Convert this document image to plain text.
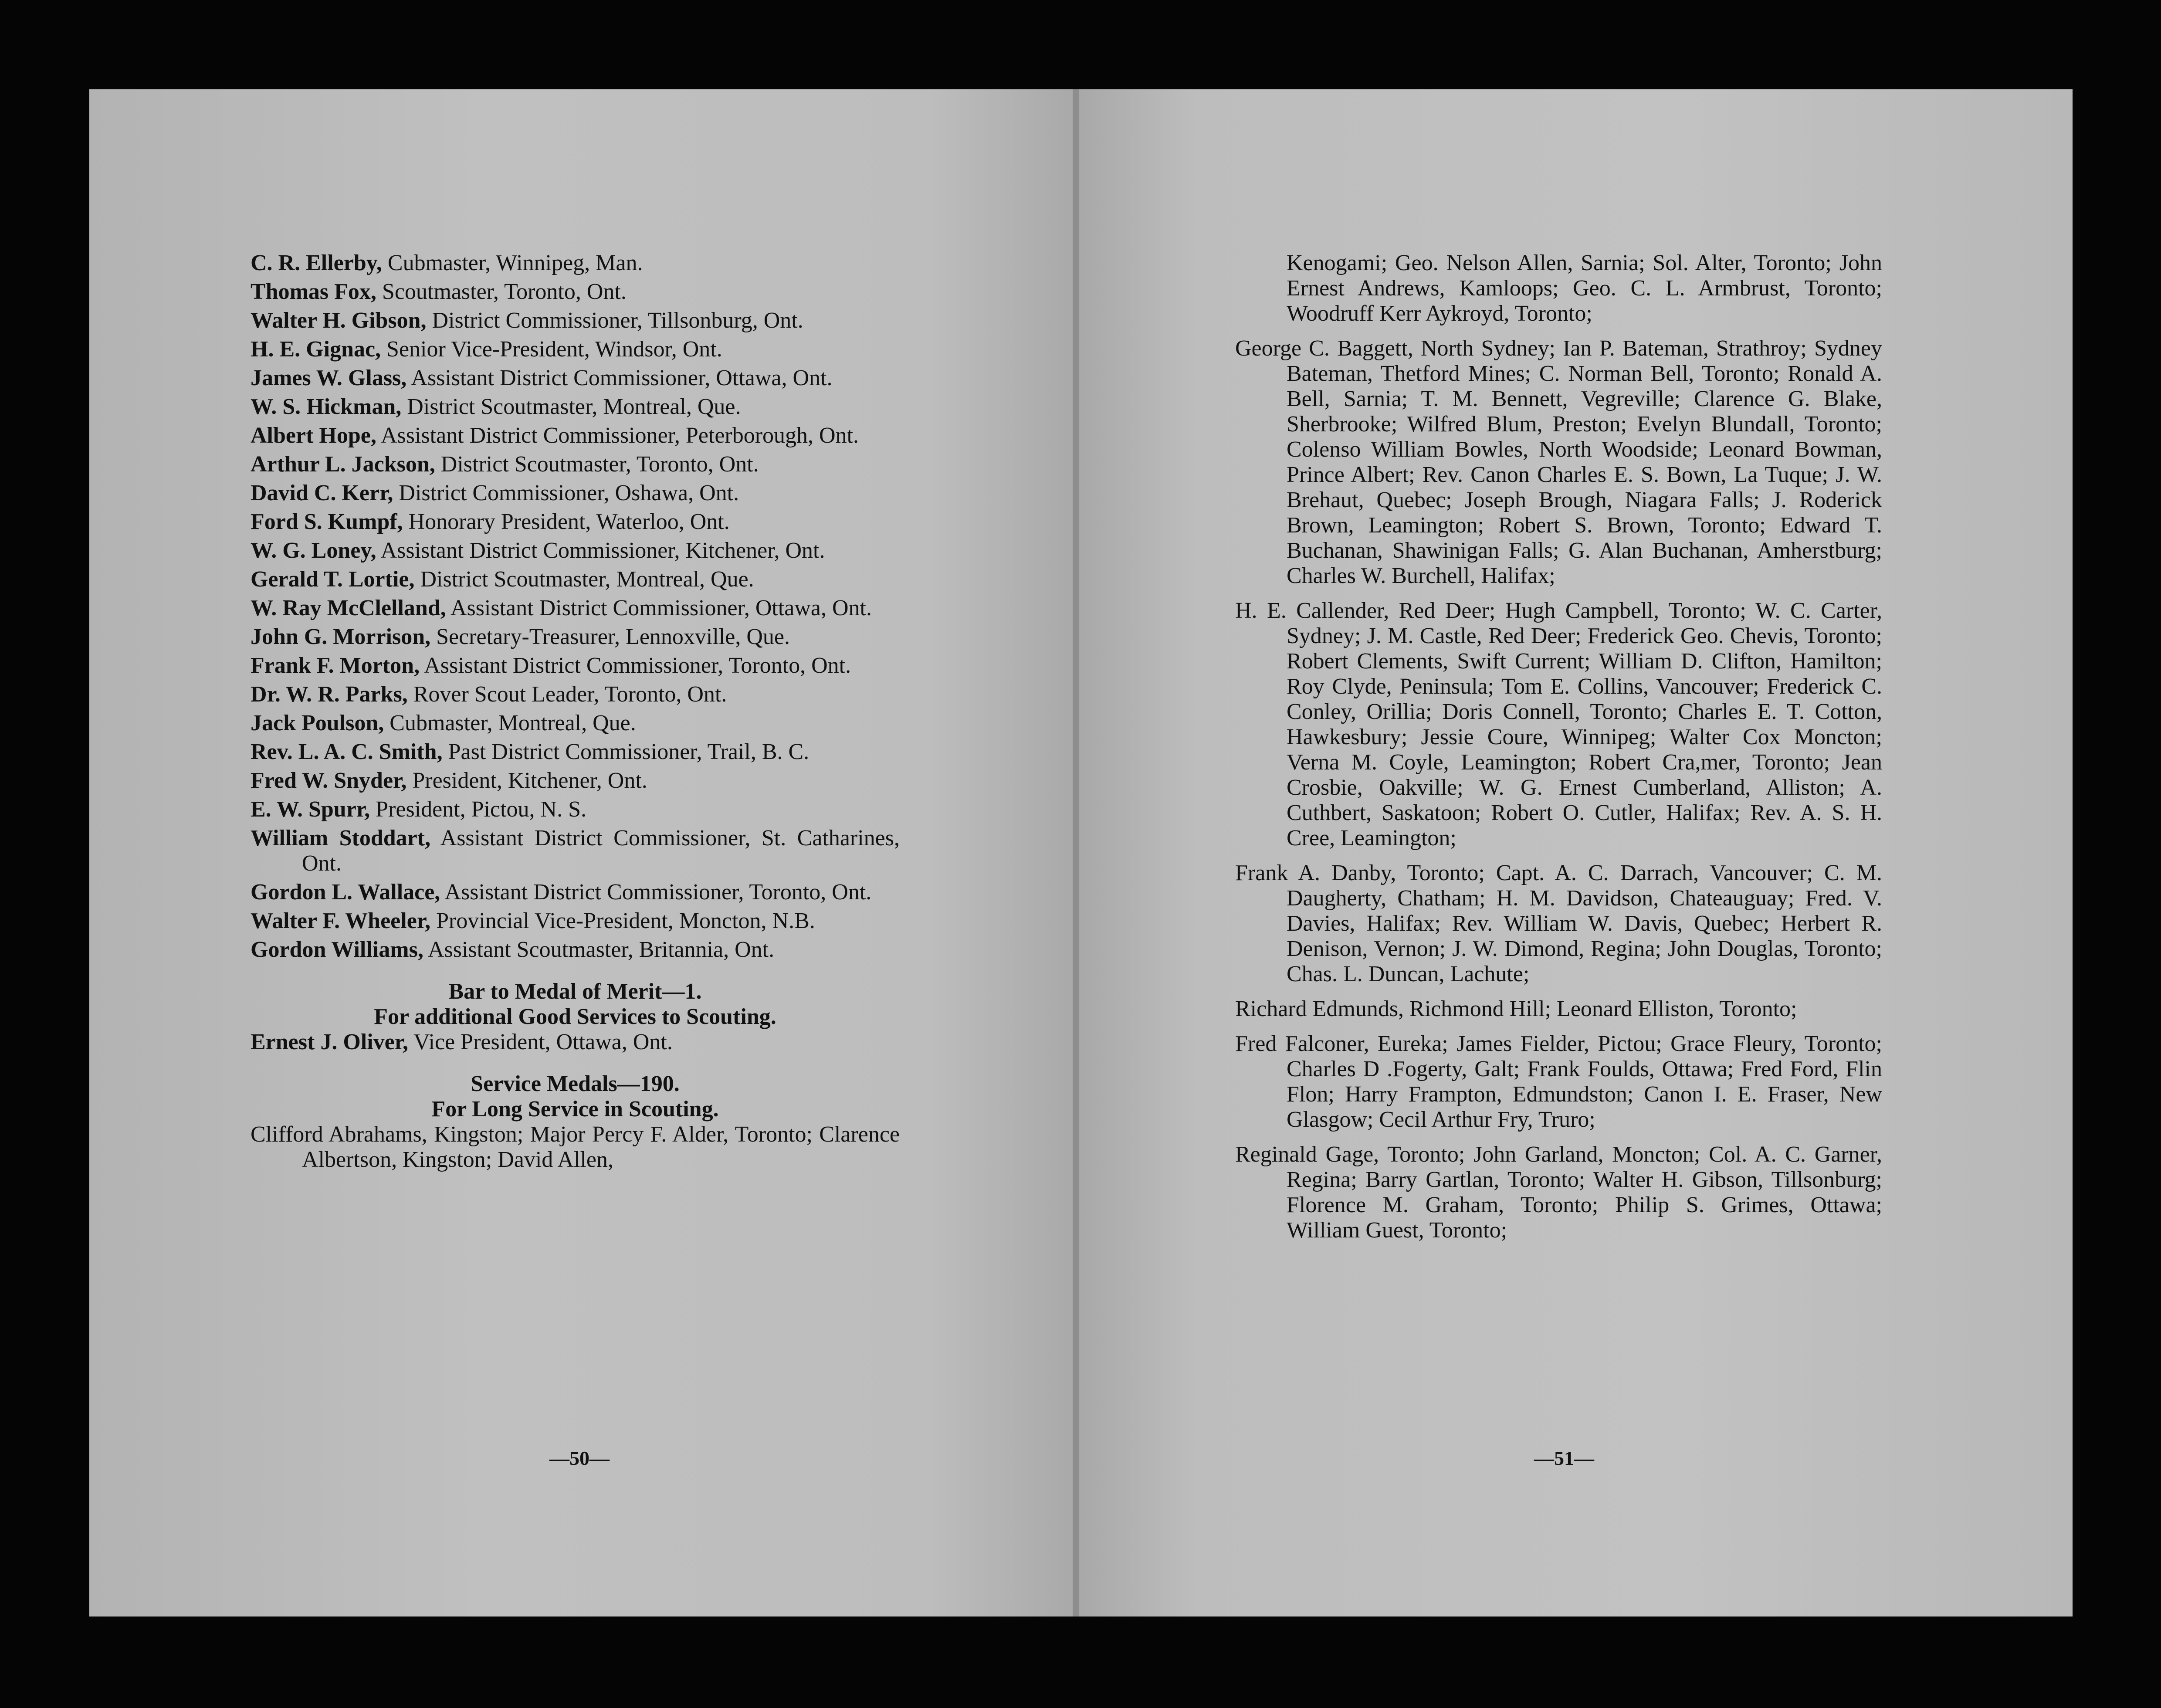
C. R. Ellerby, Cubmaster, Winnipeg, Man.

Thomas Fox, Scoutmaster, Toronto, Ont.

Walter H. Gibson, District Commissioner, Tillsonburg, Ont.

H. E. Gignac, Senior Vice-President, Windsor, Ont.

James W. Glass, Assistant District Commissioner, Ottawa, Ont.

W. S. Hickman, District Scoutmaster, Montreal, Que.

Albert Hope, Assistant District Commissioner, Peterborough, Ont.

Arthur L. Jackson, District Scoutmaster, Toronto, Ont.

David C. Kerr, District Commissioner, Oshawa, Ont.

Ford S. Kumpf, Honorary President, Waterloo, Ont.

W. G. Loney, Assistant District Commissioner, Kitchener, Ont.

Gerald T. Lortie, District Scoutmaster, Montreal, Que.

W. Ray McClelland, Assistant District Commissioner, Ottawa, Ont.

John G. Morrison, Secretary-Treasurer, Lennoxville, Que.

Frank F. Morton, Assistant District Commissioner, Toronto, Ont.

Dr. W. R. Parks, Rover Scout Leader, Toronto, Ont.

Jack Poulson, Cubmaster, Montreal, Que.

Rev. L. A. C. Smith, Past District Commissioner, Trail, B. C.

Fred W. Snyder, President, Kitchener, Ont.

E. W. Spurr, President, Pictou, N. S.

William Stoddart, Assistant District Commissioner, St. Catharines, Ont.

Gordon L. Wallace, Assistant District Commissioner, Toronto, Ont.

Walter F. Wheeler, Provincial Vice-President, Moncton, N.B.

Gordon Williams, Assistant Scoutmaster, Britannia, Ont.

Bar to Medal of Merit—1.

For additional Good Services to Scouting.

Ernest J. Oliver, Vice President, Ottawa, Ont.

Service Medals—190.

For Long Service in Scouting.

Clifford Abrahams, Kingston; Major Percy F. Alder, Toronto; Clarence Albertson, Kingston; David Allen,

—50—

Kenogami; Geo. Nelson Allen, Sarnia; Sol. Alter, Toronto; John Ernest Andrews, Kamloops; Geo. C. L. Armbrust, Toronto; Woodruff Kerr Aykroyd, Toronto;

George C. Baggett, North Sydney; Ian P. Bateman, Strathroy; Sydney Bateman, Thetford Mines; C. Norman Bell, Toronto; Ronald A. Bell, Sarnia; T. M. Bennett, Vegreville; Clarence G. Blake, Sherbrooke; Wilfred Blum, Preston; Evelyn Blundall, Toronto; Colenso William Bowles, North Woodside; Leonard Bowman, Prince Albert; Rev. Canon Charles E. S. Bown, La Tuque; J. W. Brehaut, Quebec; Joseph Brough, Niagara Falls; J. Roderick Brown, Leamington; Robert S. Brown, Toronto; Edward T. Buchanan, Shawinigan Falls; G. Alan Buchanan, Amherstburg; Charles W. Burchell, Halifax;

H. E. Callender, Red Deer; Hugh Campbell, Toronto; W. C. Carter, Sydney; J. M. Castle, Red Deer; Frederick Geo. Chevis, Toronto; Robert Clements, Swift Current; William D. Clifton, Hamilton; Roy Clyde, Peninsula; Tom E. Collins, Vancouver; Frederick C. Conley, Orillia; Doris Connell, Toronto; Charles E. T. Cotton, Hawkesbury; Jessie Coure, Winnipeg; Walter Cox Moncton; Verna M. Coyle, Leamington; Robert Cra,mer, Toronto; Jean Crosbie, Oakville; W. G. Ernest Cumberland, Alliston; A. Cuthbert, Saskatoon; Robert O. Cutler, Halifax; Rev. A. S. H. Cree, Leamington;

Frank A. Danby, Toronto; Capt. A. C. Darrach, Vancouver; C. M. Daugherty, Chatham; H. M. Davidson, Chateauguay; Fred. V. Davies, Halifax; Rev. William W. Davis, Quebec; Herbert R. Denison, Vernon; J. W. Dimond, Regina; John Douglas, Toronto; Chas. L. Duncan, Lachute;

Richard Edmunds, Richmond Hill; Leonard Elliston, Toronto;

Fred Falconer, Eureka; James Fielder, Pictou; Grace Fleury, Toronto; Charles D .Fogerty, Galt; Frank Foulds, Ottawa; Fred Ford, Flin Flon; Harry Frampton, Edmundston; Canon I. E. Fraser, New Glasgow; Cecil Arthur Fry, Truro;

Reginald Gage, Toronto; John Garland, Moncton; Col. A. C. Garner, Regina; Barry Gartlan, Toronto; Walter H. Gibson, Tillsonburg; Florence M. Graham, Toronto; Philip S. Grimes, Ottawa; William Guest, Toronto;

—51—
